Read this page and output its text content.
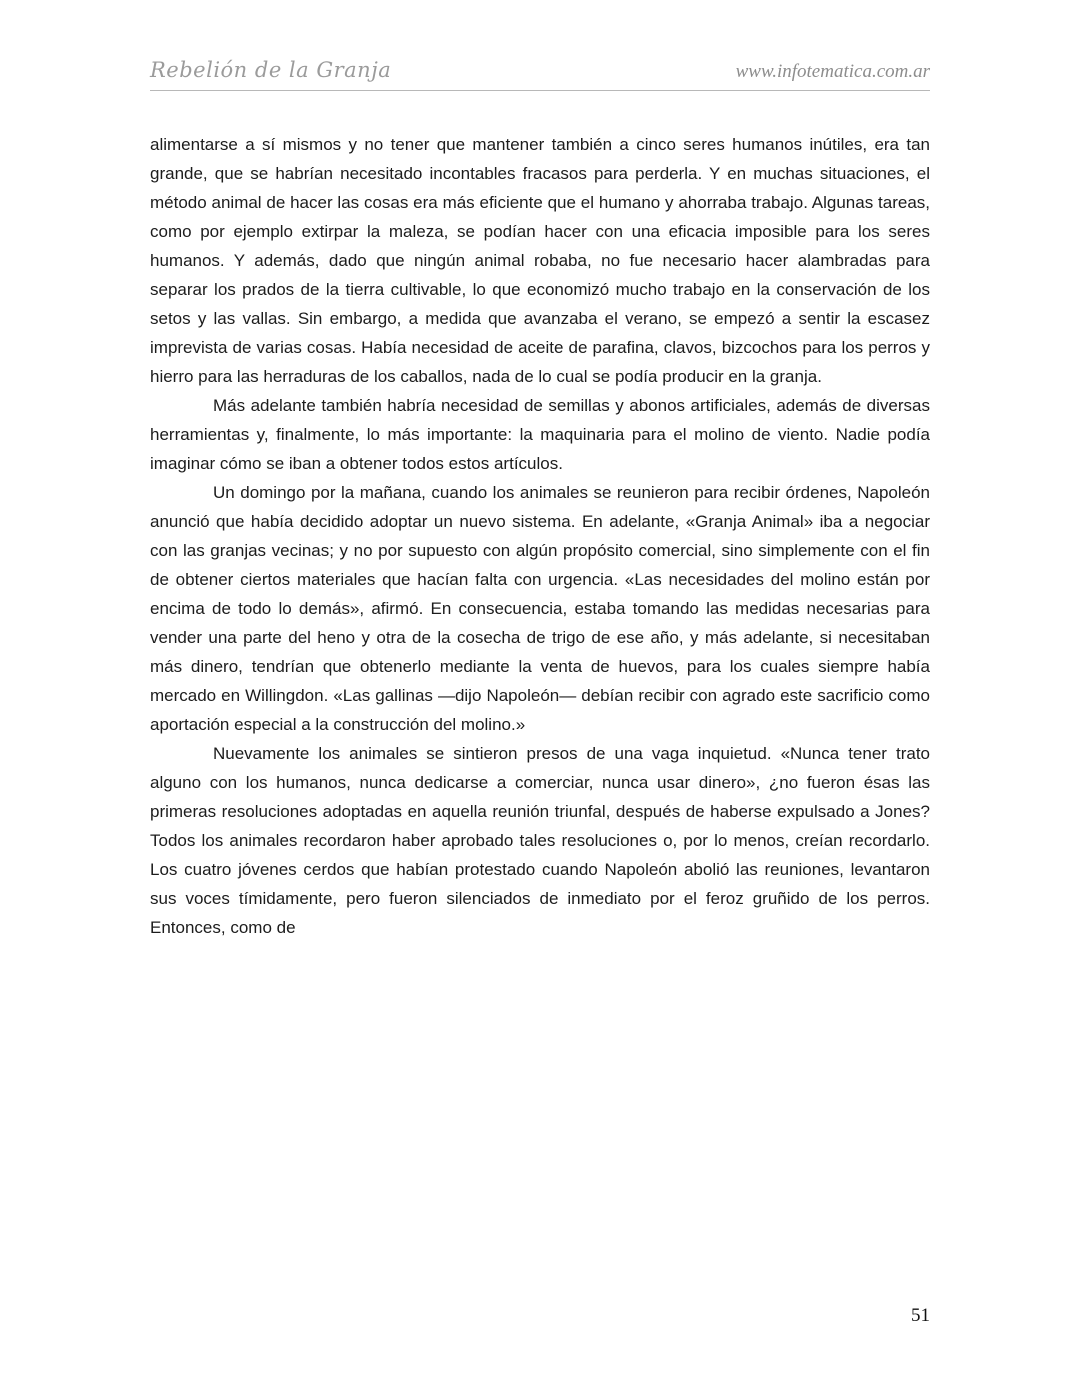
Rebelión de la Granja	www.infotematica.com.ar

alimentarse a sí mismos y no tener que mantener también a cinco seres humanos inútiles, era tan grande, que se habrían necesitado incontables fracasos para perderla. Y en muchas situaciones, el método animal de hacer las cosas era más eficiente que el humano y ahorraba trabajo. Algunas tareas, como por ejemplo extirpar la maleza, se podían hacer con una eficacia imposible para los seres humanos. Y además, dado que ningún animal robaba, no fue necesario hacer alambradas para separar los prados de la tierra cultivable, lo que economizó mucho trabajo en la conservación de los setos y las vallas. Sin embargo, a medida que avanzaba el verano, se empezó a sentir la escasez imprevista de varias cosas. Había necesidad de aceite de parafina, clavos, bizcochos para los perros y hierro para las herraduras de los caballos, nada de lo cual se podía producir en la granja.

Más adelante también habría necesidad de semillas y abonos artificiales, además de diversas herramientas y, finalmente, lo más importante: la maquinaria para el molino de viento. Nadie podía imaginar cómo se iban a obtener todos estos artículos.

Un domingo por la mañana, cuando los animales se reunieron para recibir órdenes, Napoleón anunció que había decidido adoptar un nuevo sistema. En adelante, «Granja Animal» iba a negociar con las granjas vecinas; y no por supuesto con algún propósito comercial, sino simplemente con el fin de obtener ciertos materiales que hacían falta con urgencia. «Las necesidades del molino están por encima de todo lo demás», afirmó. En consecuencia, estaba tomando las medidas necesarias para vender una parte del heno y otra de la cosecha de trigo de ese año, y más adelante, si necesitaban más dinero, tendrían que obtenerlo mediante la venta de huevos, para los cuales siempre había mercado en Willingdon. «Las gallinas —dijo Napoleón— debían recibir con agrado este sacrificio como aportación especial a la construcción del molino.»

Nuevamente los animales se sintieron presos de una vaga inquietud. «Nunca tener trato alguno con los humanos, nunca dedicarse a comerciar, nunca usar dinero», ¿no fueron ésas las primeras resoluciones adoptadas en aquella reunión triunfal, después de haberse expulsado a Jones? Todos los animales recordaron haber aprobado tales resoluciones o, por lo menos, creían recordarlo. Los cuatro jóvenes cerdos que habían protestado cuando Napoleón abolió las reuniones, levantaron sus voces tímidamente, pero fueron silenciados de inmediato por el feroz gruñido de los perros. Entonces, como de

51
